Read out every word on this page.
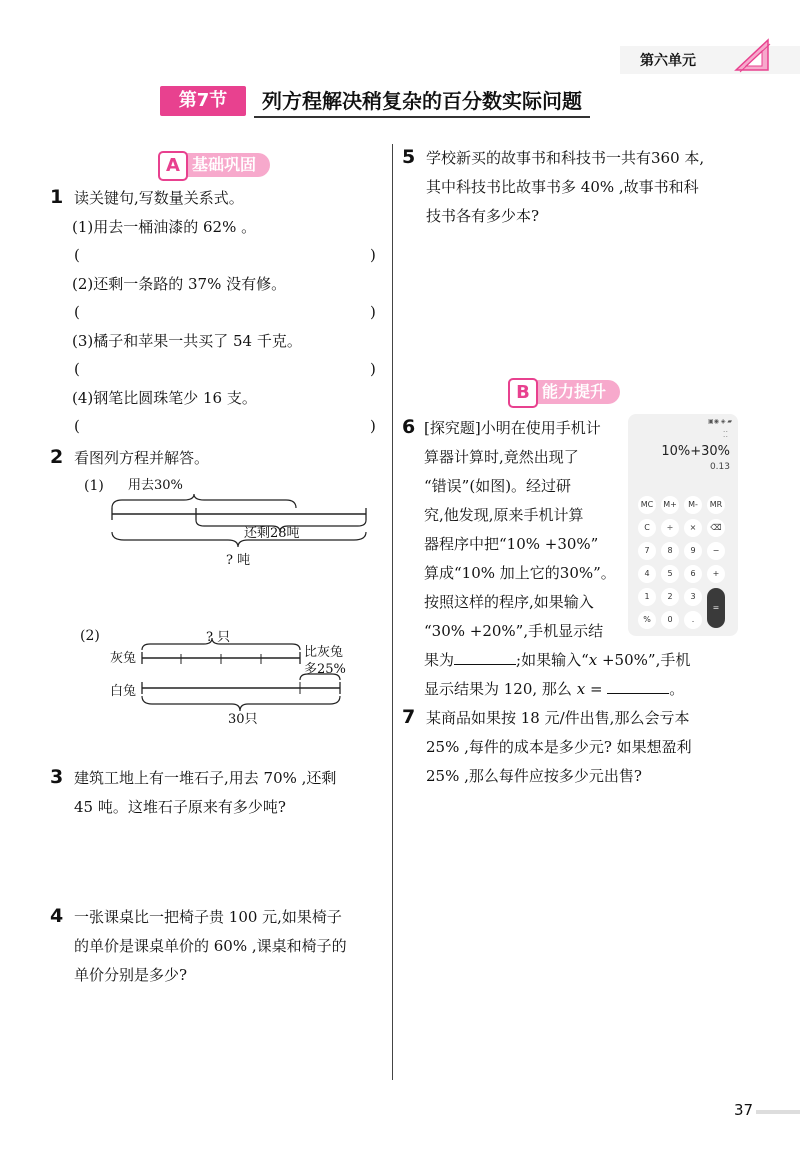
第六单元
第7节	列方程解决稍复杂的百分数实际问题
基础巩固
A
1 读关键句,写数量关系式。
(1)用去一桶油漆的 62% 。
(	)
(2)还剩一条路的 37% 没有修。
(	)
(3)橘子和苹果一共买了 54 千克。
(	)
(4)钢笔比圆珠笔少 16 支。
(	)
2 看图列方程并解答。
(1) 用去30%
还剩28吨
? 吨
(2)	? 只
灰兔
白兔
比灰兔
多25%
30只
3 建筑工地上有一堆石子,用去 70% ,还剩
45 吨。这堆石子原来有多少吨?
4 一张课桌比一把椅子贵 100 元,如果椅子
的单价是课桌单价的 60% ,课桌和椅子的
单价分别是多少?
5 学校新买的故事书和科技书一共有360 本,
其中科技书比故事书多 40% ,故事书和科
技书各有多少本?
能力提升
B
6 [探究题]小明在使用手机计
算器计算时,竟然出现了
“错误”(如图)。经过研
究,他发现,原来手机计算
器程序中把“10% +30%”
算成“10% 加上它的30%”。
按照这样的程序,如果输入
“30% +20%”,手机显示结
果为	;如果输入“x +50%”,手机
显示结果为 120, 那么 x =	。
▣◉ ◈ ▰
⁚⁚
10%+30%
0.13
MC	M+	M-	MR
C	÷	×	⌫
7	8	9	−
4	5	6	+
1	2	3
%	0	.
=
7 某商品如果按 18 元/件出售,那么会亏本
25% ,每件的成本是多少元? 如果想盈利
25% ,那么每件应按多少元出售?
37
